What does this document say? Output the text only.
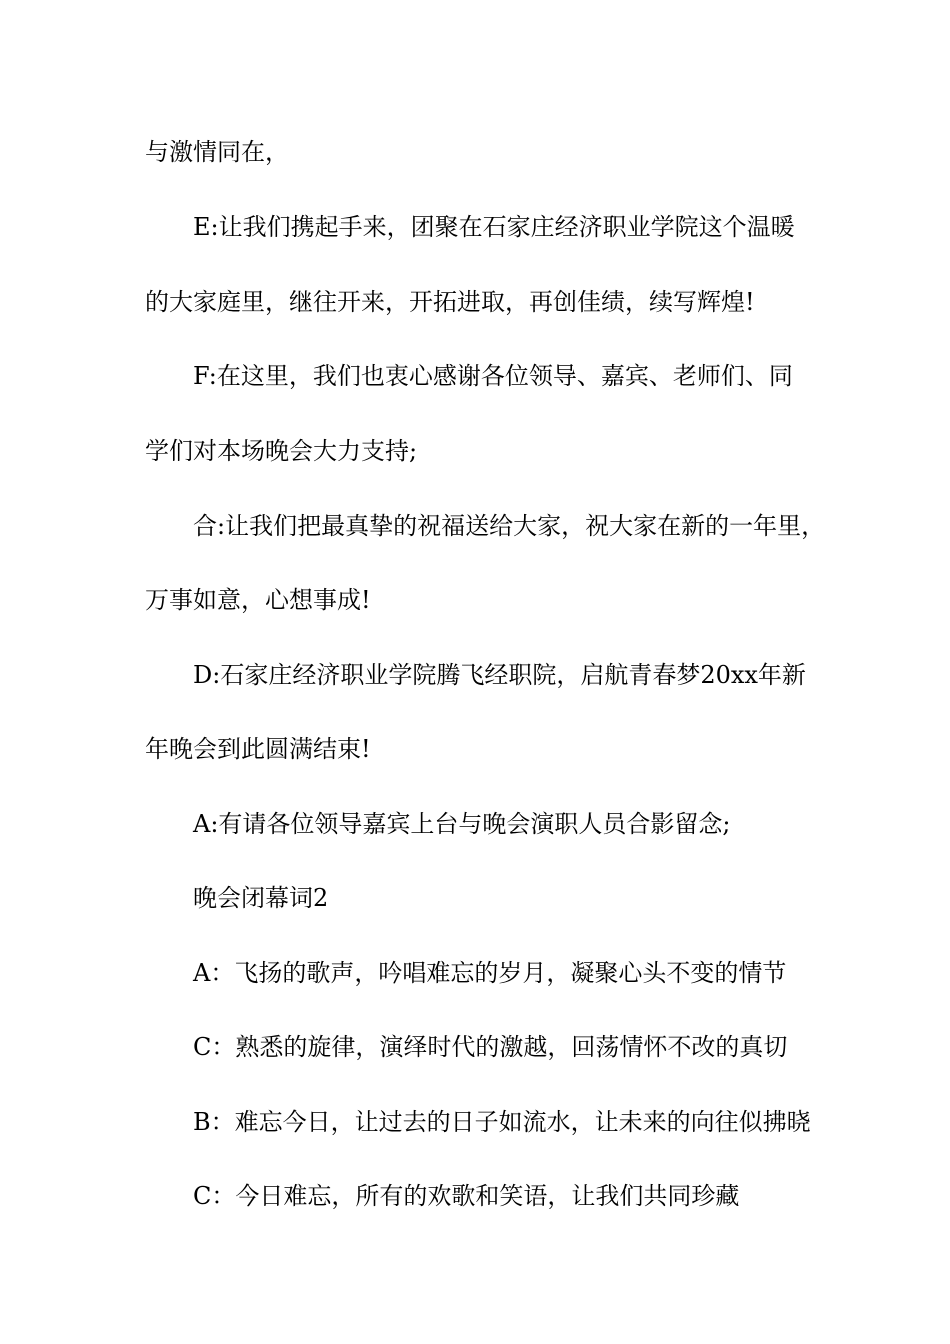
与激情同在，
E:让我们携起手来，团聚在石家庄经济职业学院这个温暖
的大家庭里，继往开来，开拓进取，再创佳绩，续写辉煌!
F:在这里，我们也衷心感谢各位领导、嘉宾、老师们、同
学们对本场晚会大力支持;
合:让我们把最真挚的祝福送给大家，祝大家在新的一年里，
万事如意，心想事成!
D:石家庄经济职业学院腾飞经职院，启航青春梦20xx年新
年晚会到此圆满结束!
A:有请各位领导嘉宾上台与晚会演职人员合影留念;
晚会闭幕词2
A：飞扬的歌声，吟唱难忘的岁月，凝聚心头不变的情节
C：熟悉的旋律，演绎时代的激越，回荡情怀不改的真切
B：难忘今日，让过去的日子如流水，让未来的向往似拂晓
C：今日难忘，所有的欢歌和笑语，让我们共同珍藏
